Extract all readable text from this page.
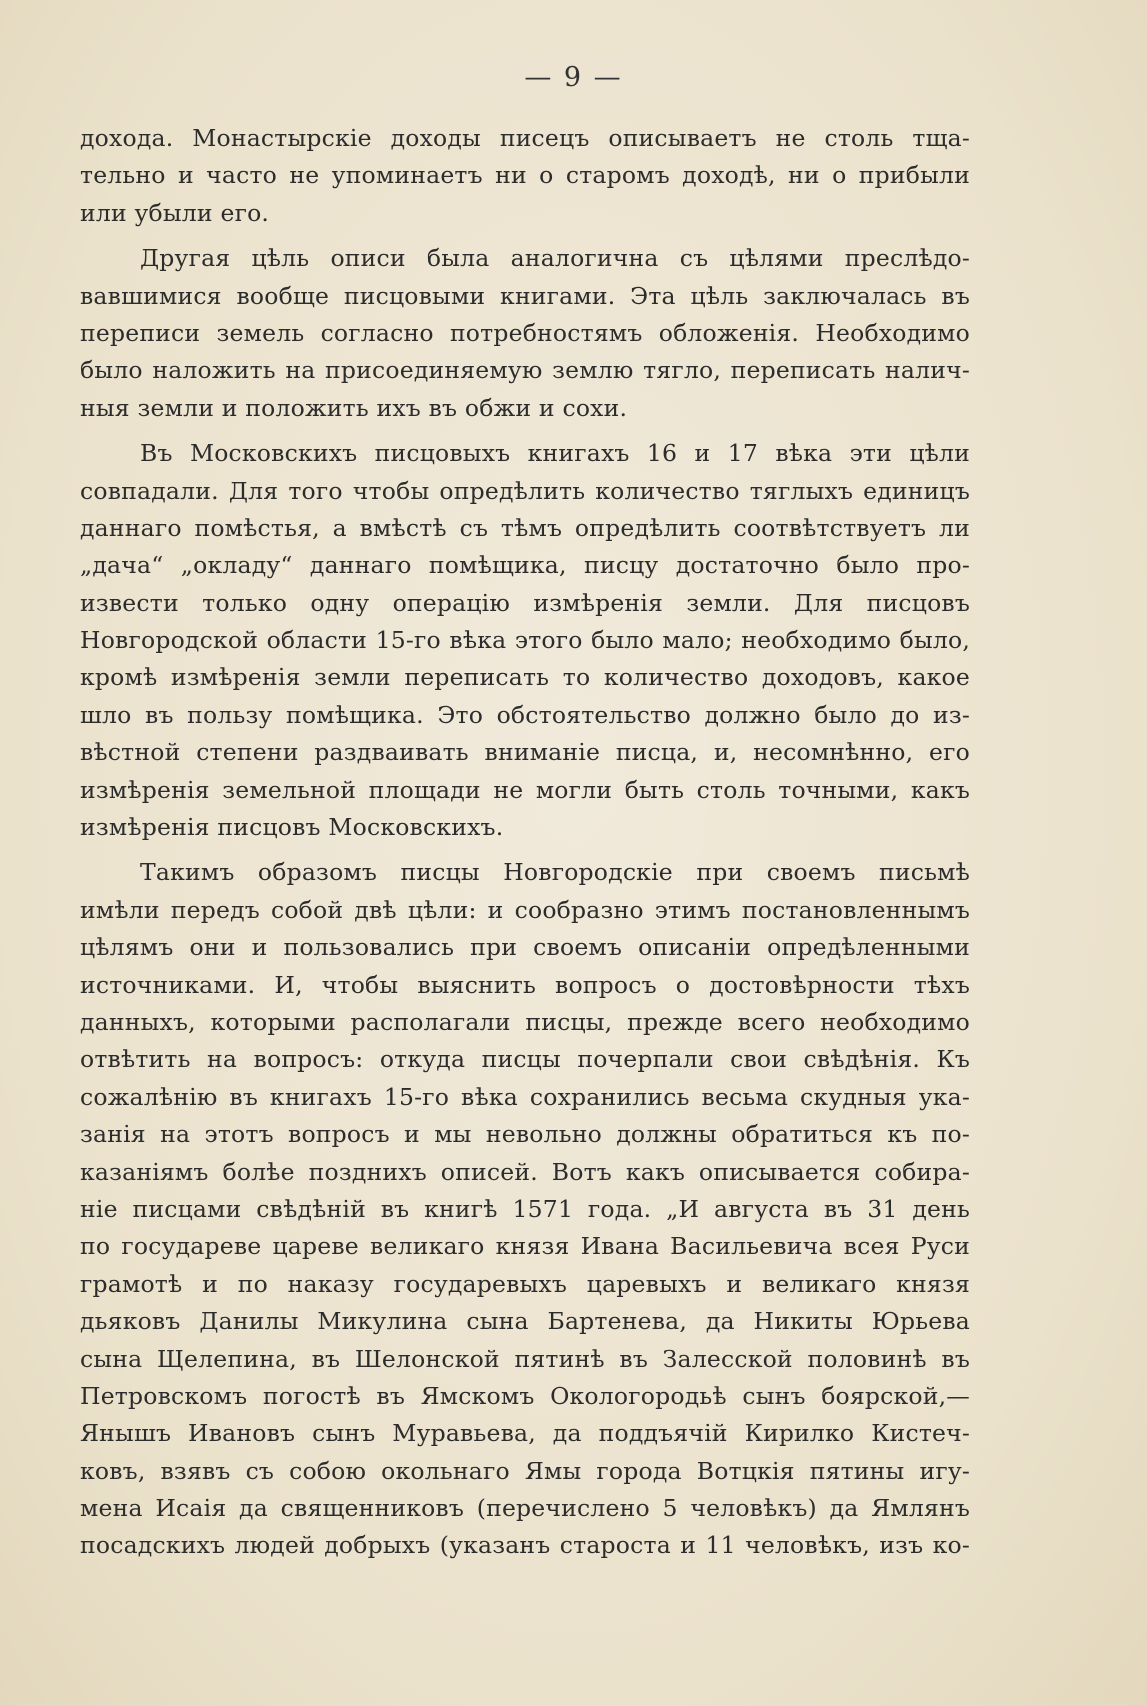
— 9 —
дохода. Монастырскіе доходы писецъ описываетъ не столь тща-
тельно и часто не упоминаетъ ни о старомъ доходѣ, ни о прибыли
или убыли его.
Другая цѣль описи была аналогична съ цѣлями преслѣдо-
вавшимися вообще писцовыми книгами. Эта цѣль заключалась въ
переписи земель согласно потребностямъ обложенія. Необходимо
было наложить на присоединяемую землю тягло, переписать налич-
ныя земли и положить ихъ въ обжи и сохи.
Въ Московскихъ писцовыхъ книгахъ 16 и 17 вѣка эти цѣли
совпадали. Для того чтобы опредѣлить количество тяглыхъ единицъ
даннаго помѣстья, а вмѣстѣ съ тѣмъ опредѣлить соотвѣтствуетъ ли
„дача“ „окладу“ даннаго помѣщика, писцу достаточно было про-
извести только одну операцію измѣренія земли. Для писцовъ
Новгородской области 15-го вѣка этого было мало; необходимо было,
кромѣ измѣренія земли переписать то количество доходовъ, какое
шло въ пользу помѣщика. Это обстоятельство должно было до из-
вѣстной степени раздваивать вниманіе писца, и, несомнѣнно, его
измѣренія земельной площади не могли быть столь точными, какъ
измѣренія писцовъ Московскихъ.
Такимъ образомъ писцы Новгородскіе при своемъ письмѣ
имѣли передъ собой двѣ цѣли: и сообразно этимъ постановленнымъ
цѣлямъ они и пользовались при своемъ описаніи опредѣленными
источниками. И, чтобы выяснить вопросъ о достовѣрности тѣхъ
данныхъ, которыми располагали писцы, прежде всего необходимо
отвѣтить на вопросъ: откуда писцы почерпали свои свѣдѣнія. Къ
сожалѣнію въ книгахъ 15-го вѣка сохранились весьма скудныя ука-
занія на этотъ вопросъ и мы невольно должны обратиться къ по-
казаніямъ болѣе позднихъ описей. Вотъ какъ описывается собира-
ніе писцами свѣдѣній въ книгѣ 1571 года. „И августа въ 31 день
по государеве цареве великаго князя Ивана Васильевича всея Руси
грамотѣ и по наказу государевыхъ царевыхъ и великаго князя
дьяковъ Данилы Микулина сына Бартенева, да Никиты Юрьева
сына Щелепина, въ Шелонской пятинѣ въ Залесской половинѣ въ
Петровскомъ погостѣ въ Ямскомъ Окологородьѣ сынъ боярской,—
Янышъ Ивановъ сынъ Муравьева, да поддъячій Кирилко Кистеч-
ковъ, взявъ съ собою окольнаго Ямы города Вотцкія пятины игу-
мена Исаія да священниковъ (перечислено 5 человѣкъ) да Ямлянъ
посадскихъ людей добрыхъ (указанъ староста и 11 человѣкъ, изъ ко-
